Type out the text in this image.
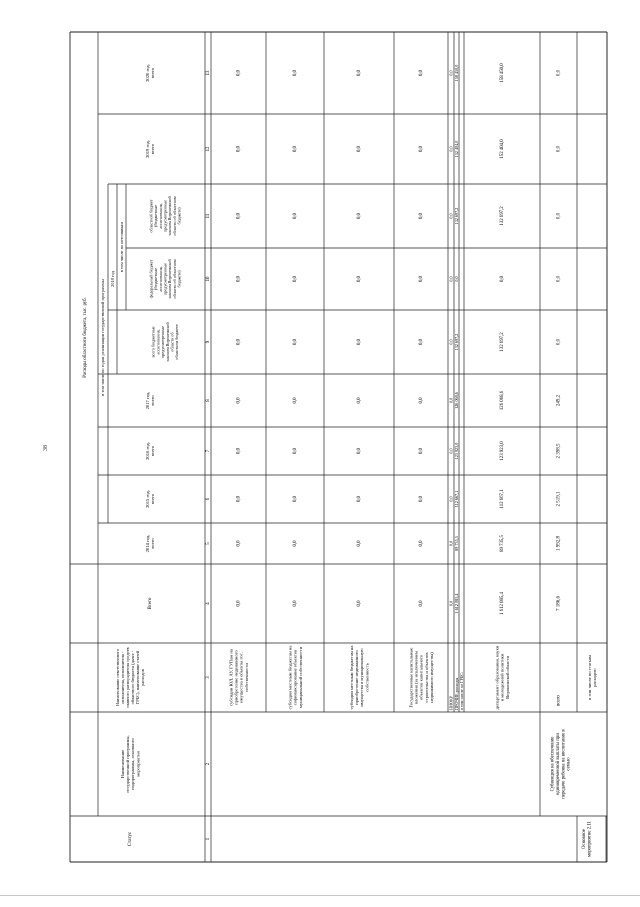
38
Статус
Наименованиегосударственной программы,подпрограммы, основногомероприятия
Наименование ответственногоисполнителя, исполнителя -главного распорядителя средствобластного бюджета (далее -ГРБС), наименование статейрасходов
Всего
2014 год,всего
2015 год,всего
2016 год,всего
2017 год,всего
Расходы областного бюджета, тыс. руб.	в том числе по годам реализации государственной программы
2018 год
в том числе по источникам
всего бюджетныеассигнования,предусмотренныезаконом Воронежскойобласти обобластном бюджете
федеральный бюджет(бюджетныеассигнования,предусмотренныезаконом Воронежскойобласти об областномбюджете)
областной бюджет(бюджетныеассигнования,предусмотренныезаконом Воронежскойобласти об областномбюджете)
2019 год,всего
2020 год,всего
1
2
3
4
5
6
7
8
9
10
11
12
13
субсидии ЮЛ, АУ, ГУПам наприобретение недвижимогоимущества в объекты гос.собственности
0,0
0,0
0,0
0,0
0,0
0,0
0,0
0,0
0,0
0,0
субсидии местным бюджетам насофинансирование объектовмуниципальной собственности
0,0
0,0
0,0
0,0
0,0
0,0
0,0
0,0
0,0
0,0
субсидии местным бюджетам наприобретение недвижимогоимущества в муниципальнуюсобственность
0,0
0,0
0,0
0,0
0,0
0,0
0,0
0,0
0,0
0,0
Государственные капитальныевложения (за исключениемобъектов капитальногостроительства и объектовнедвижимого имущества)
0,0
0,0
0,0
0,0
0,0
0,0
0,0
0,0
0,0
0,0
НИОКР
0,0
0,0
0,0
0,0
0,0
0,0
0,0
0,0
0,0
0,0
ПРОЧИЕ расходы
1 612 085,4
89 735,5
112 667,1
123 923,0
126 068,6
132 697,2
0,0
132 697,2
152 404,0
158 450,0
в том числе по ГРБС:	департамент образования, наукии молодежной политикиВоронежской области
1 612 085,4
89 735,5
112 667,1
123 923,0
126 068,6
132 697,2
0,0
132 697,2
152 404,0
158 450,0
Основноемероприятие 2.11
Субвенция на обеспечениеединовременной выплаты припередаче ребенка на воспитание всемью
всего
7 186,6
1 992,8
2 519,1
2 398,5
249,2
0,0
0,0
0,0
0,0
0,0
в том числе по статьямрасходов:
